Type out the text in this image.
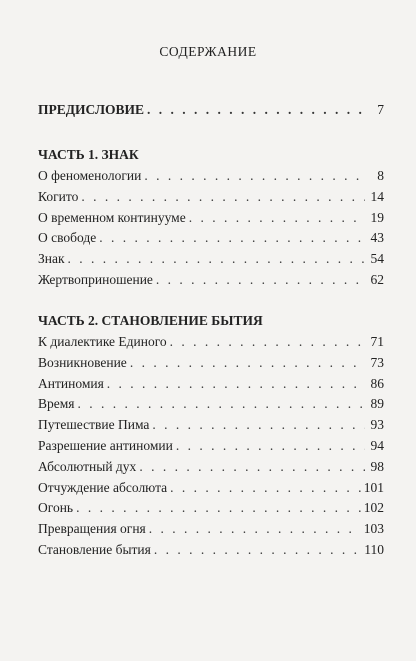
СОДЕРЖАНИЕ
ПРЕДИСЛОВИЕ . . .	7
ЧАСТЬ 1. ЗНАК
О феноменологии . . .	8
Когито . . .	14
О временном континууме . . .	19
О свободе . . .	43
Знак . . .	54
Жертвоприношение . . .	62
ЧАСТЬ 2. СТАНОВЛЕНИЕ БЫТИЯ
К диалектике Единого . . .	71
Возникновение . . .	73
Антиномия . . .	86
Время . . .	89
Путешествие Пима . . .	93
Разрешение антиномии . . .	94
Абсолютный дух . . .	98
Отчуждение абсолюта . . .	101
Огонь . . .	102
Превращения огня . . .	103
Становление бытия . . .	110
